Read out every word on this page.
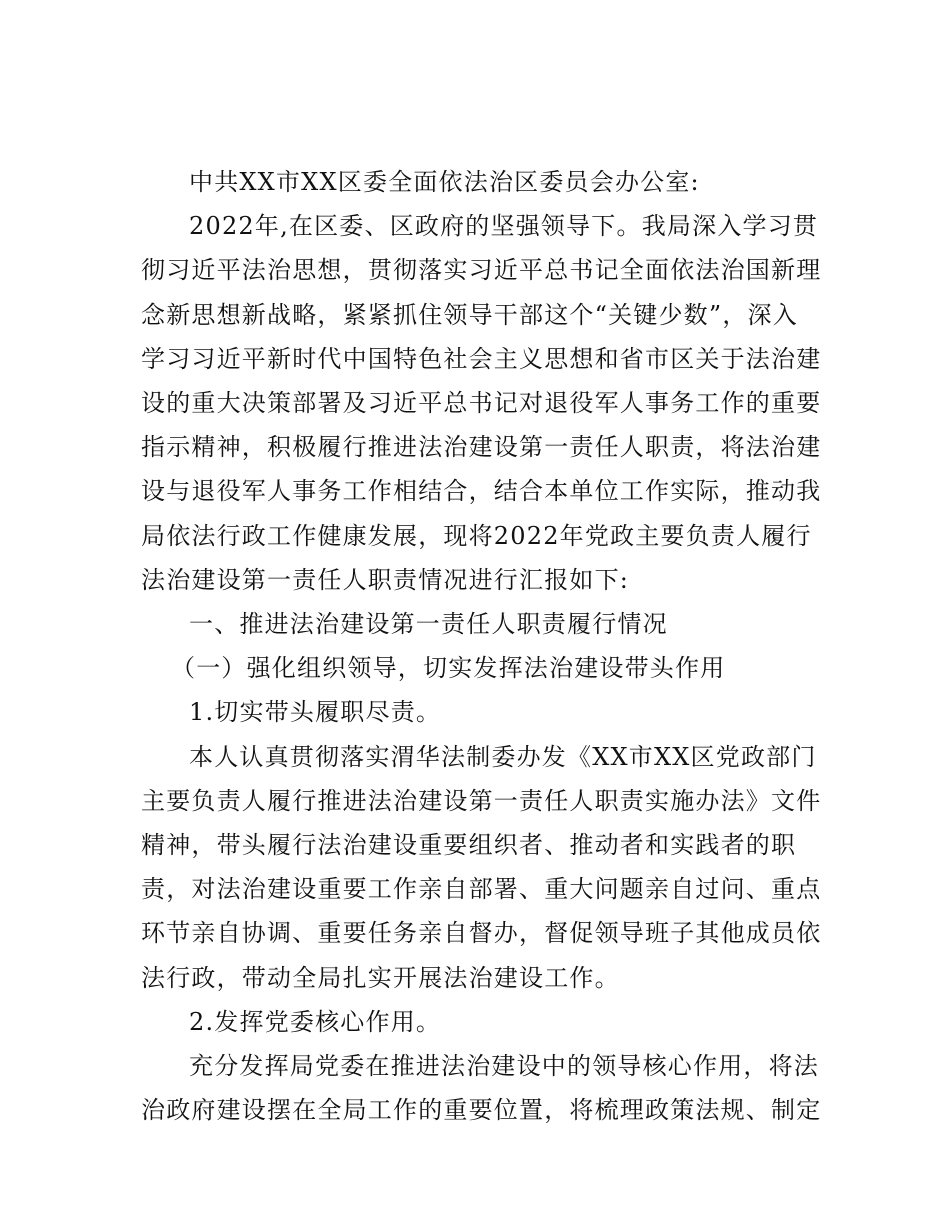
中共XX市XX区委全面依法治区委员会办公室:
2022年,在区委、区政府的坚强领导下。我局深入学习贯
彻习近平法治思想，贯彻落实习近平总书记全面依法治国新理
念新思想新战略，紧紧抓住领导干部这个“关键少数”，深入
学习习近平新时代中国特色社会主义思想和省市区关于法治建
设的重大决策部署及习近平总书记对退役军人事务工作的重要
指示精神，积极履行推进法治建设第一责任人职责，将法治建
设与退役军人事务工作相结合，结合本单位工作实际，推动我
局依法行政工作健康发展，现将2022年党政主要负责人履行
法治建设第一责任人职责情况进行汇报如下:
一、推进法治建设第一责任人职责履行情况
（一）强化组织领导，切实发挥法治建设带头作用
1.切实带头履职尽责。
本人认真贯彻落实渭华法制委办发《XX市XX区党政部门
主要负责人履行推进法治建设第一责任人职责实施办法》文件
精神，带头履行法治建设重要组织者、推动者和实践者的职
责，对法治建设重要工作亲自部署、重大问题亲自过问、重点
环节亲自协调、重要任务亲自督办，督促领导班子其他成员依
法行政，带动全局扎实开展法治建设工作。
2.发挥党委核心作用。
充分发挥局党委在推进法治建设中的领导核心作用，将法
治政府建设摆在全局工作的重要位置，将梳理政策法规、制定
